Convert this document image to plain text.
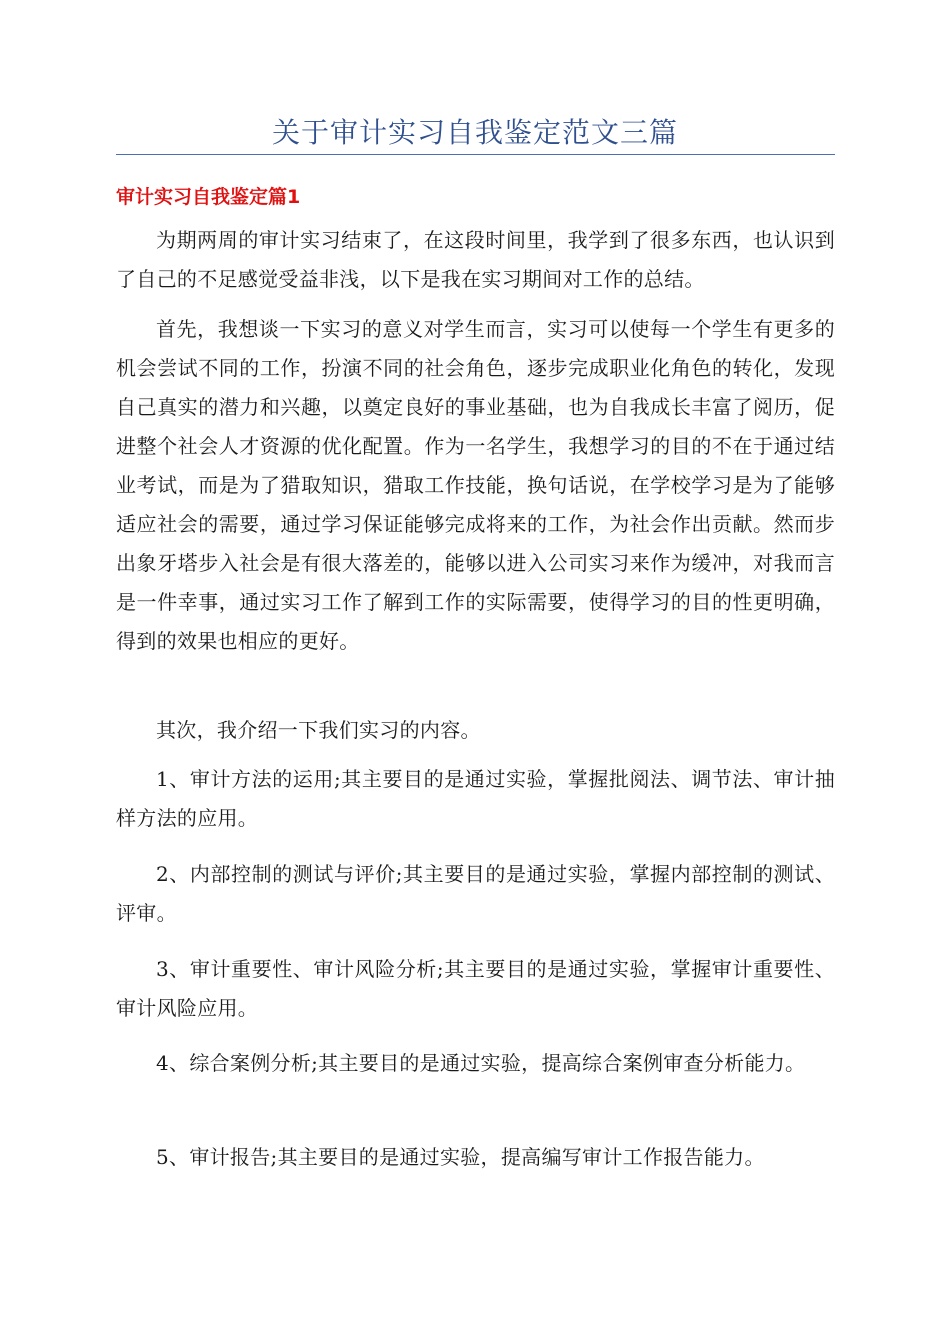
关于审计实习自我鉴定范文三篇
审计实习自我鉴定篇1

为期两周的审计实习结束了，在这段时间里，我学到了很多东西，也认识到了自己的不足感觉受益非浅，以下是我在实习期间对工作的总结。

首先，我想谈一下实习的意义对学生而言，实习可以使每一个学生有更多的机会尝试不同的工作，扮演不同的社会角色，逐步完成职业化角色的转化，发现自己真实的潜力和兴趣，以奠定良好的事业基础，也为自我成长丰富了阅历，促进整个社会人才资源的优化配置。作为一名学生，我想学习的目的不在于通过结业考试，而是为了猎取知识，猎取工作技能，换句话说，在学校学习是为了能够适应社会的需要，通过学习保证能够完成将来的工作，为社会作出贡献。然而步出象牙塔步入社会是有很大落差的，能够以进入公司实习来作为缓冲，对我而言是一件幸事，通过实习工作了解到工作的实际需要，使得学习的目的性更明确，得到的效果也相应的更好。

其次，我介绍一下我们实习的内容。

1、审计方法的运用;其主要目的是通过实验，掌握批阅法、调节法、审计抽样方法的应用。

2、内部控制的测试与评价;其主要目的是通过实验，掌握内部控制的测试、评审。

3、审计重要性、审计风险分析;其主要目的是通过实验，掌握审计重要性、审计风险应用。

4、综合案例分析;其主要目的是通过实验，提高综合案例审查分析能力。

5、审计报告;其主要目的是通过实验，提高编写审计工作报告能力。
